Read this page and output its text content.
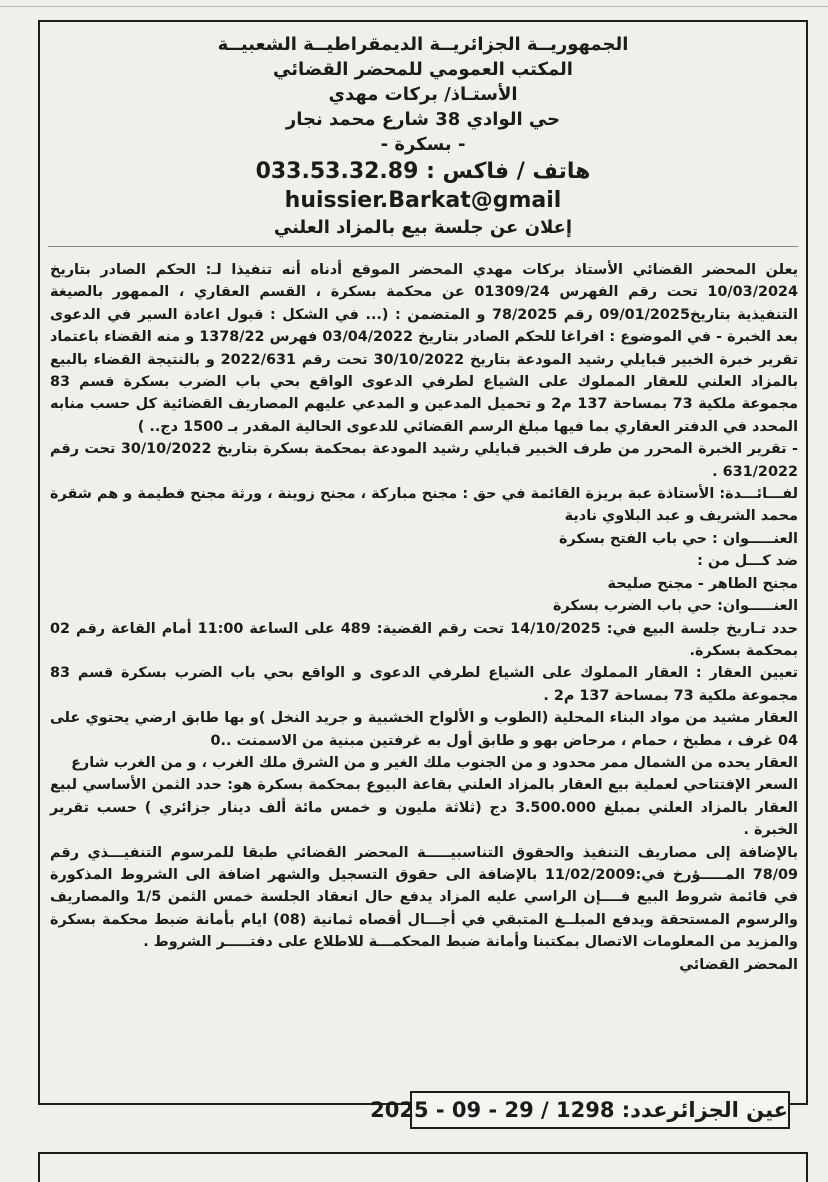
الجمهوريــة الجزائريــة الديمقراطيــة الشعبيــة
المكتب العمومي للمحضر القضائي
الأستـاذ/ بركات مهدي
حي الوادي 38 شارع محمد نجار
- بسكرة -
هاتف / فاكس : 033.53.32.89
huissier.Barkat@gmail
إعلان عن جلسة بيع بالمزاد العلني

يعلن المحضر القضائي الأستاذ بركات مهدي المحضر الموقع أدناه أنه تنفيذا لـ: الحكم الصادر بتاريخ 10/03/2024 تحت رقم الفهرس 01309/24 عن محكمة بسكرة ، القسم العقاري ، الممهور بالصيغة التنفيذية بتاريخ09/01/2025 رقم 78/2025 و المتضمن : (... في الشكل : قبول اعادة السير في الدعوى بعد الخبرة - في الموضوع : افراغا للحكم الصادر بتاريخ 03/04/2022 فهرس 1378/22 و منه القضاء باعتماد تقرير خبرة الخبير قبايلي رشيد المودعة بتاريخ 30/10/2022 تحت رقم 2022/631 و بالنتيجة القضاء بالبيع بالمزاد العلني للعقار المملوك على الشياع لطرفي الدعوى الواقع بحي باب الضرب بسكرة قسم 83 مجموعة ملكية 73 بمساحة 137 م2 و تحميل المدعين و المدعي عليهم المصاريف القضائية كل حسب منابه المحدد في الدفتر العقاري بما فيها مبلغ الرسم القضائي للدعوى الحالية المقدر بـ 1500 دج.. )

- تقرير الخبرة المحرر من طرف الخبير قبايلي رشيد المودعة بمحكمة بسكرة بتاريخ 30/10/2022 تحت رقم 631/2022 .

لفـــائـــدة: الأستاذة عبة بريزة القائمة في حق : مجنح مباركة ، مجنح زوينة ، ورثة مجنح فطيمة و هم شقرة محمد الشريف و عبد البلاوي نادية

العنـــــوان : حي باب الفتح بسكرة

ضد كـــل من :

مجنح الطاهر - مجنح صليحة

العنـــــوان: حي باب الضرب بسكرة

حدد تـاريخ جلسة البيع في: 14/10/2025 تحت رقم القضية: 489 على الساعة 11:00 أمام القاعة رقم 02 بمحكمة بسكرة.

تعيين العقار : العقار المملوك على الشياع لطرفي الدعوى و الواقع بحي باب الضرب بسكرة قسم 83 مجموعة ملكية 73 بمساحة 137 م2 .

العقار مشيد من مواد البناء المحلية (الطوب و الألواح الخشبية و جريد النخل )و بها طابق ارضي يحتوي على 04 غرف ، مطبخ ، حمام ، مرحاض بهو و طابق أول به غرفتين مبنية من الاسمنت ..0

العقار يحده من الشمال ممر محدود و من الجنوب ملك الغير و من الشرق ملك الغرب ، و من الغرب شارع

السعر الإفتتاحي لعملية بيع العقار بالمزاد العلني بقاعة البيوع بمحكمة بسكرة هو: حدد الثمن الأساسي لبيع العقار بالمزاد العلني بمبلغ 3.500.000 دج (ثلاثة مليون و خمس مائة ألف دينار جزائري ) حسب تقرير الخبرة .

بالإضافة إلى مصاريف التنفيذ والحقوق التناسبيـــــة المحضر القضائي طبقا للمرسوم التنفيـــذي رقم 78/09 المـــــؤرخ في:11/02/2009 بالإضافة الى حقوق التسجيل والشهر اضافة الى الشروط المذكورة في قائمة شروط البيع فــــإن الراسي عليه المزاد يدفع حال انعقاد الجلسة خمس الثمن 1/5 والمصاريف والرسوم المستحقة ويدفع المبلــغ المتبقي في أجـــال أقصاه ثمانية (08) ايام بأمانة ضبط محكمة بسكرة والمزيد من المعلومات الاتصال بمكتبنا وأمانة ضبط المحكمـــة للاطلاع على دفتـــــر الشروط .

المحضر القضائي

عين الجزائرعدد: 1298 / 29 - 09 - 2025
